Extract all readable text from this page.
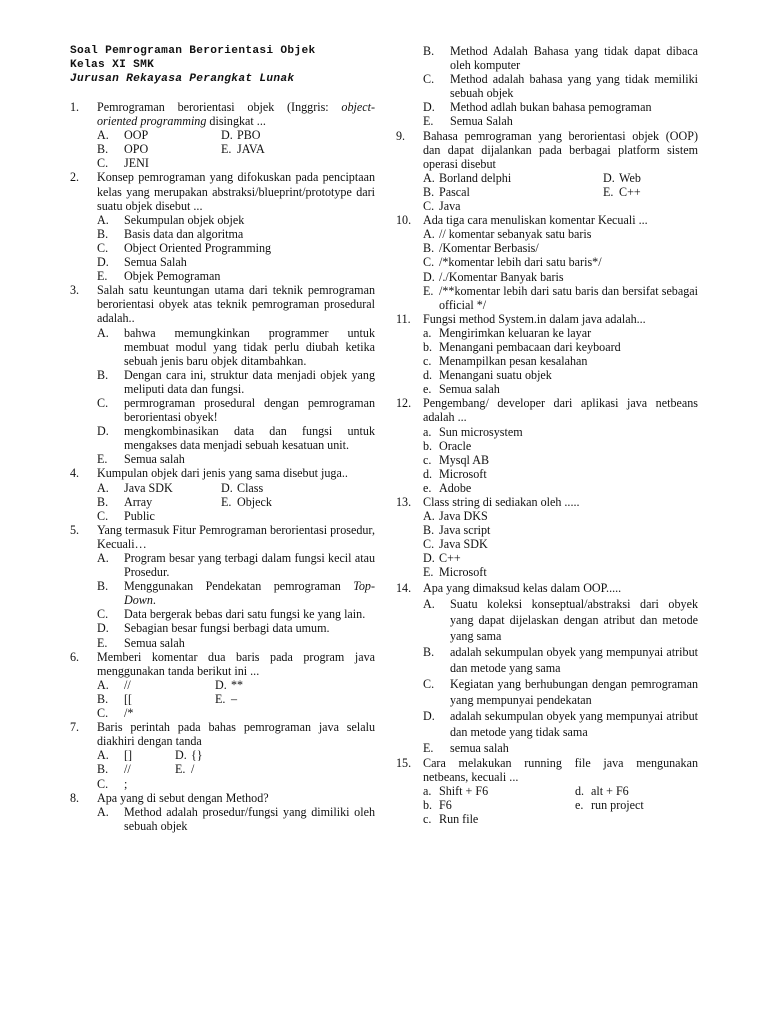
Soal Pemrograman Berorientasi Objek
Kelas XI SMK
Jurusan Rekayasa Perangkat Lunak
1. Pemrograman berorientasi objek (Inggris: object-oriented programming disingkat ...
A. OOP	D. PBO
B. OPO	E. JAVA
C. JENI
2. Konsep pemrograman yang difokuskan pada penciptaan kelas yang merupakan abstraksi/blueprint/prototype dari suatu objek disebut ...
A. Sekumpulan objek objek
B. Basis data dan algoritma
C. Object Oriented Programming
D. Semua Salah
E. Objek Pemograman
3. Salah satu keuntungan utama dari teknik pemrograman berorientasi obyek atas teknik pemrograman prosedural adalah..
A. bahwa memungkinkan programmer untuk membuat modul yang tidak perlu diubah ketika sebuah jenis baru objek ditambahkan.
B. Dengan cara ini, struktur data menjadi objek yang meliputi data dan fungsi.
C. permrograman prosedural dengan pemrograman berorientasi obyek!
D. mengkombinasikan data dan fungsi untuk mengakses data menjadi sebuah kesatuan unit.
E. Semua salah
4. Kumpulan objek dari jenis yang sama disebut juga..
A. Java SDK	D. Class
B. Array	E. Objeck
C. Public
5. Yang termasuk Fitur Pemrograman berorientasi prosedur, Kecuali…
A. Program besar yang terbagi dalam fungsi kecil atau Prosedur.
B. Menggunakan Pendekatan pemrograman Top-Down.
C. Data bergerak bebas dari satu fungsi ke yang lain.
D. Sebagian besar fungsi berbagi data umum.
E. Semua salah
6. Memberi komentar dua baris pada program java menggunakan tanda berikut ini ...
A. //	D. **
B. [[	E. –
C. /*
7. Baris perintah pada bahas pemrograman java selalu diakhiri dengan tanda
A. []	D. {}
B. //	E. /
C. ;
8. Apa yang di sebut dengan Method?
A. Method adalah prosedur/fungsi yang dimiliki oleh sebuah objek
B. Method Adalah Bahasa yang tidak dapat dibaca oleh komputer
C. Method adalah bahasa yang yang tidak memiliki sebuah objek
D. Method adlah bukan bahasa pemograman
E. Semua Salah
9. Bahasa pemrograman yang berorientasi objek (OOP) dan dapat dijalankan pada berbagai platform sistem operasi disebut
A. Borland delphi	D. Web
B. Pascal	E. C++
C. Java
10. Ada tiga cara menuliskan komentar Kecuali ...
A. // komentar sebanyak satu baris
B. /Komentar Berbasis/
C. /*komentar lebih dari satu baris*/
D. /./Komentar Banyak baris
E. /**komentar lebih dari satu baris dan bersifat sebagai official */
11. Fungsi method System.in dalam java adalah...
a. Mengirimkan keluaran ke layar
b. Menangani pembacaan dari keyboard
c. Menampilkan pesan kesalahan
d. Menangani suatu objek
e. Semua salah
12. Pengembang/ developer dari aplikasi java netbeans adalah ...
a. Sun microsystem
b. Oracle
c. Mysql AB
d. Microsoft
e. Adobe
13. Class string di sediakan oleh .....
A. Java DKS
B. Java script
C. Java SDK
D. C++
E. Microsoft
14. Apa yang dimaksud kelas dalam OOP.....
A. Suatu koleksi konseptual/abstraksi dari obyek yang dapat dijelaskan dengan atribut dan metode yang sama
B. adalah sekumpulan obyek yang mempunyai atribut dan metode yang sama
C. Kegiatan yang berhubungan dengan pemrograman yang mempunyai pendekatan
D. adalah sekumpulan obyek yang mempunyai atribut dan metode yang tidak sama
E. semua salah
15. Cara melakukan running file java mengunakan netbeans, kecuali ...
a. Shift + F6	d. alt + F6
b. F6	e. run project
c. Run file
